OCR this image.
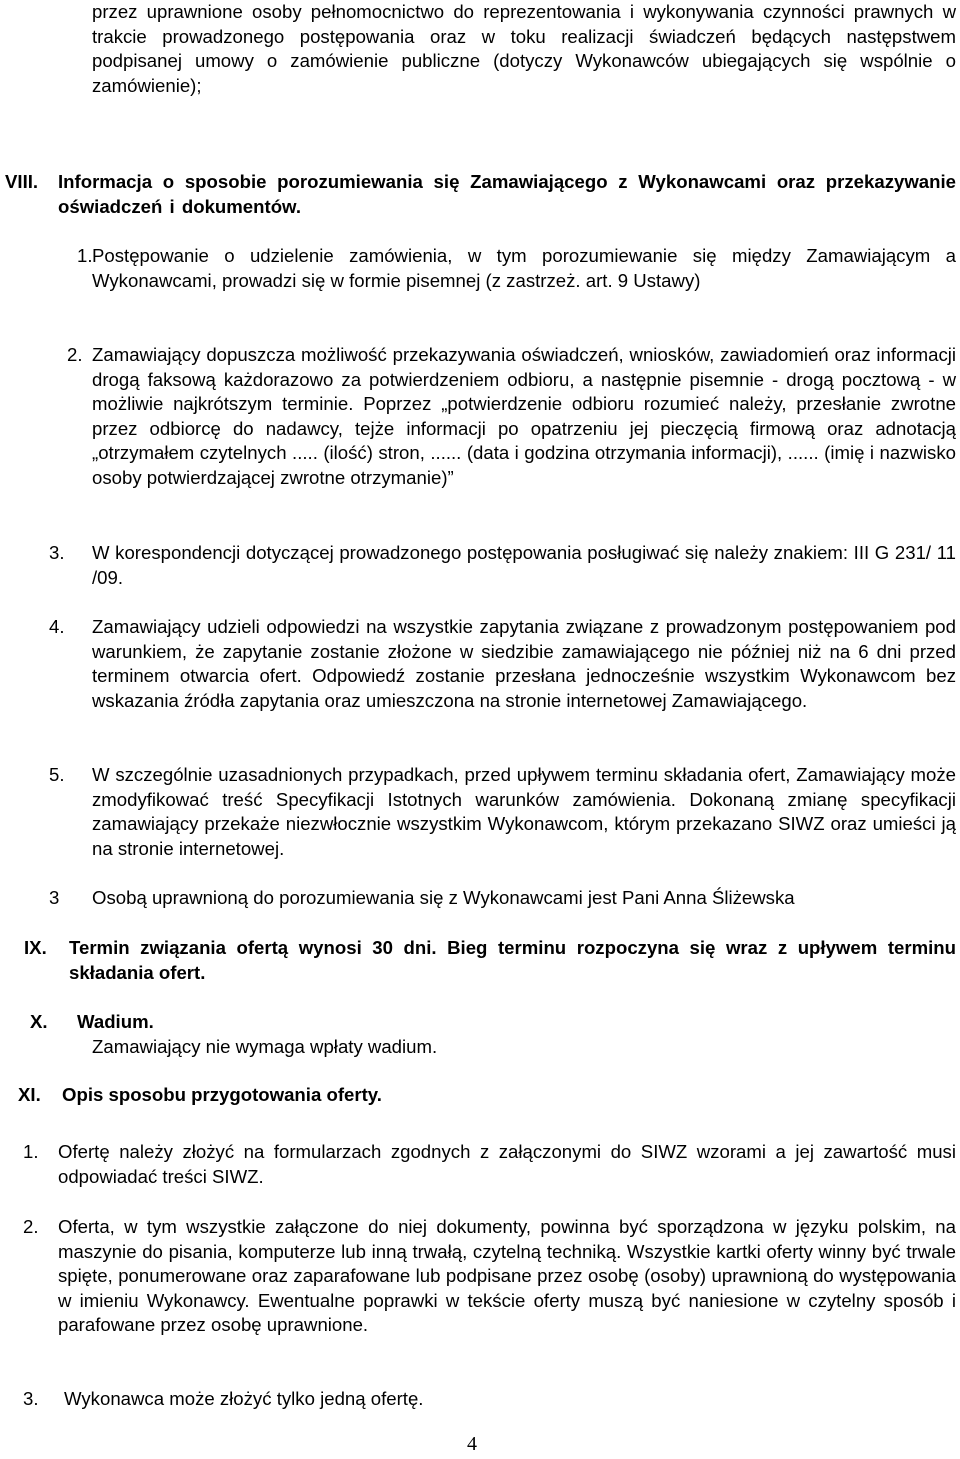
przez uprawnione osoby pełnomocnictwo do reprezentowania i wykonywania czynności prawnych w trakcie prowadzonego postępowania oraz w toku realizacji świadczeń będących następstwem podpisanej umowy o zamówienie publiczne (dotyczy Wykonawców ubiegających się wspólnie o zamówienie);
VIII. Informacja o sposobie porozumiewania się Zamawiającego z Wykonawcami oraz przekazywanie oświadczeń i dokumentów.
1. Postępowanie o udzielenie zamówienia, w tym porozumiewanie się między Zamawiającym a Wykonawcami, prowadzi się w formie pisemnej (z zastrzeż. art. 9 Ustawy)
2. Zamawiający dopuszcza możliwość przekazywania oświadczeń, wniosków, zawiadomień oraz informacji drogą faksową każdorazowo za potwierdzeniem odbioru, a następnie pisemnie - drogą pocztową - w możliwie najkrótszym terminie. Poprzez „potwierdzenie odbioru rozumieć należy, przesłanie zwrotne przez odbiorcę do nadawcy, tejże informacji po opatrzeniu jej pieczęcią firmową oraz adnotacją „otrzymałem czytelnych ..... (ilość) stron, ...... (data i godzina otrzymania informacji), ...... (imię i nazwisko osoby potwierdzającej zwrotne otrzymanie)”
3. W korespondencji dotyczącej prowadzonego postępowania posługiwać się należy znakiem: III G 231/ 11 /09.
4. Zamawiający udzieli odpowiedzi na wszystkie zapytania związane z prowadzonym postępowaniem pod warunkiem, że zapytanie zostanie złożone w siedzibie zamawiającego nie później niż na 6 dni przed terminem otwarcia ofert. Odpowiedź zostanie przesłana jednocześnie wszystkim Wykonawcom bez wskazania źródła zapytania oraz umieszczona na stronie internetowej Zamawiającego.
5. W szczególnie uzasadnionych przypadkach, przed upływem terminu składania ofert, Zamawiający może zmodyfikować treść Specyfikacji Istotnych warunków zamówienia. Dokonaną zmianę specyfikacji zamawiający przekaże niezwłocznie wszystkim Wykonawcom, którym przekazano SIWZ oraz umieści ją na stronie internetowej.
3 Osobą uprawnioną do porozumiewania się z Wykonawcami jest Pani Anna Śliżewska
IX. Termin związania ofertą wynosi 30 dni. Bieg terminu rozpoczyna się wraz z upływem terminu składania ofert.
X. Wadium.
Zamawiający nie wymaga wpłaty wadium.
XI. Opis sposobu przygotowania oferty.
1. Ofertę należy złożyć na formularzach zgodnych z załączonymi do SIWZ wzorami a jej zawartość musi odpowiadać treści SIWZ.
2. Oferta, w tym wszystkie załączone do niej dokumenty, powinna być sporządzona w języku polskim, na maszynie do pisania, komputerze lub inną trwałą, czytelną techniką. Wszystkie kartki oferty winny być trwale spięte, ponumerowane oraz zaparafowane lub podpisane przez osobę (osoby) uprawnioną do występowania w imieniu Wykonawcy. Ewentualne poprawki w tekście oferty muszą być naniesione w czytelny sposób i parafowane przez osobę uprawnione.
3. Wykonawca może złożyć tylko jedną ofertę.
4
